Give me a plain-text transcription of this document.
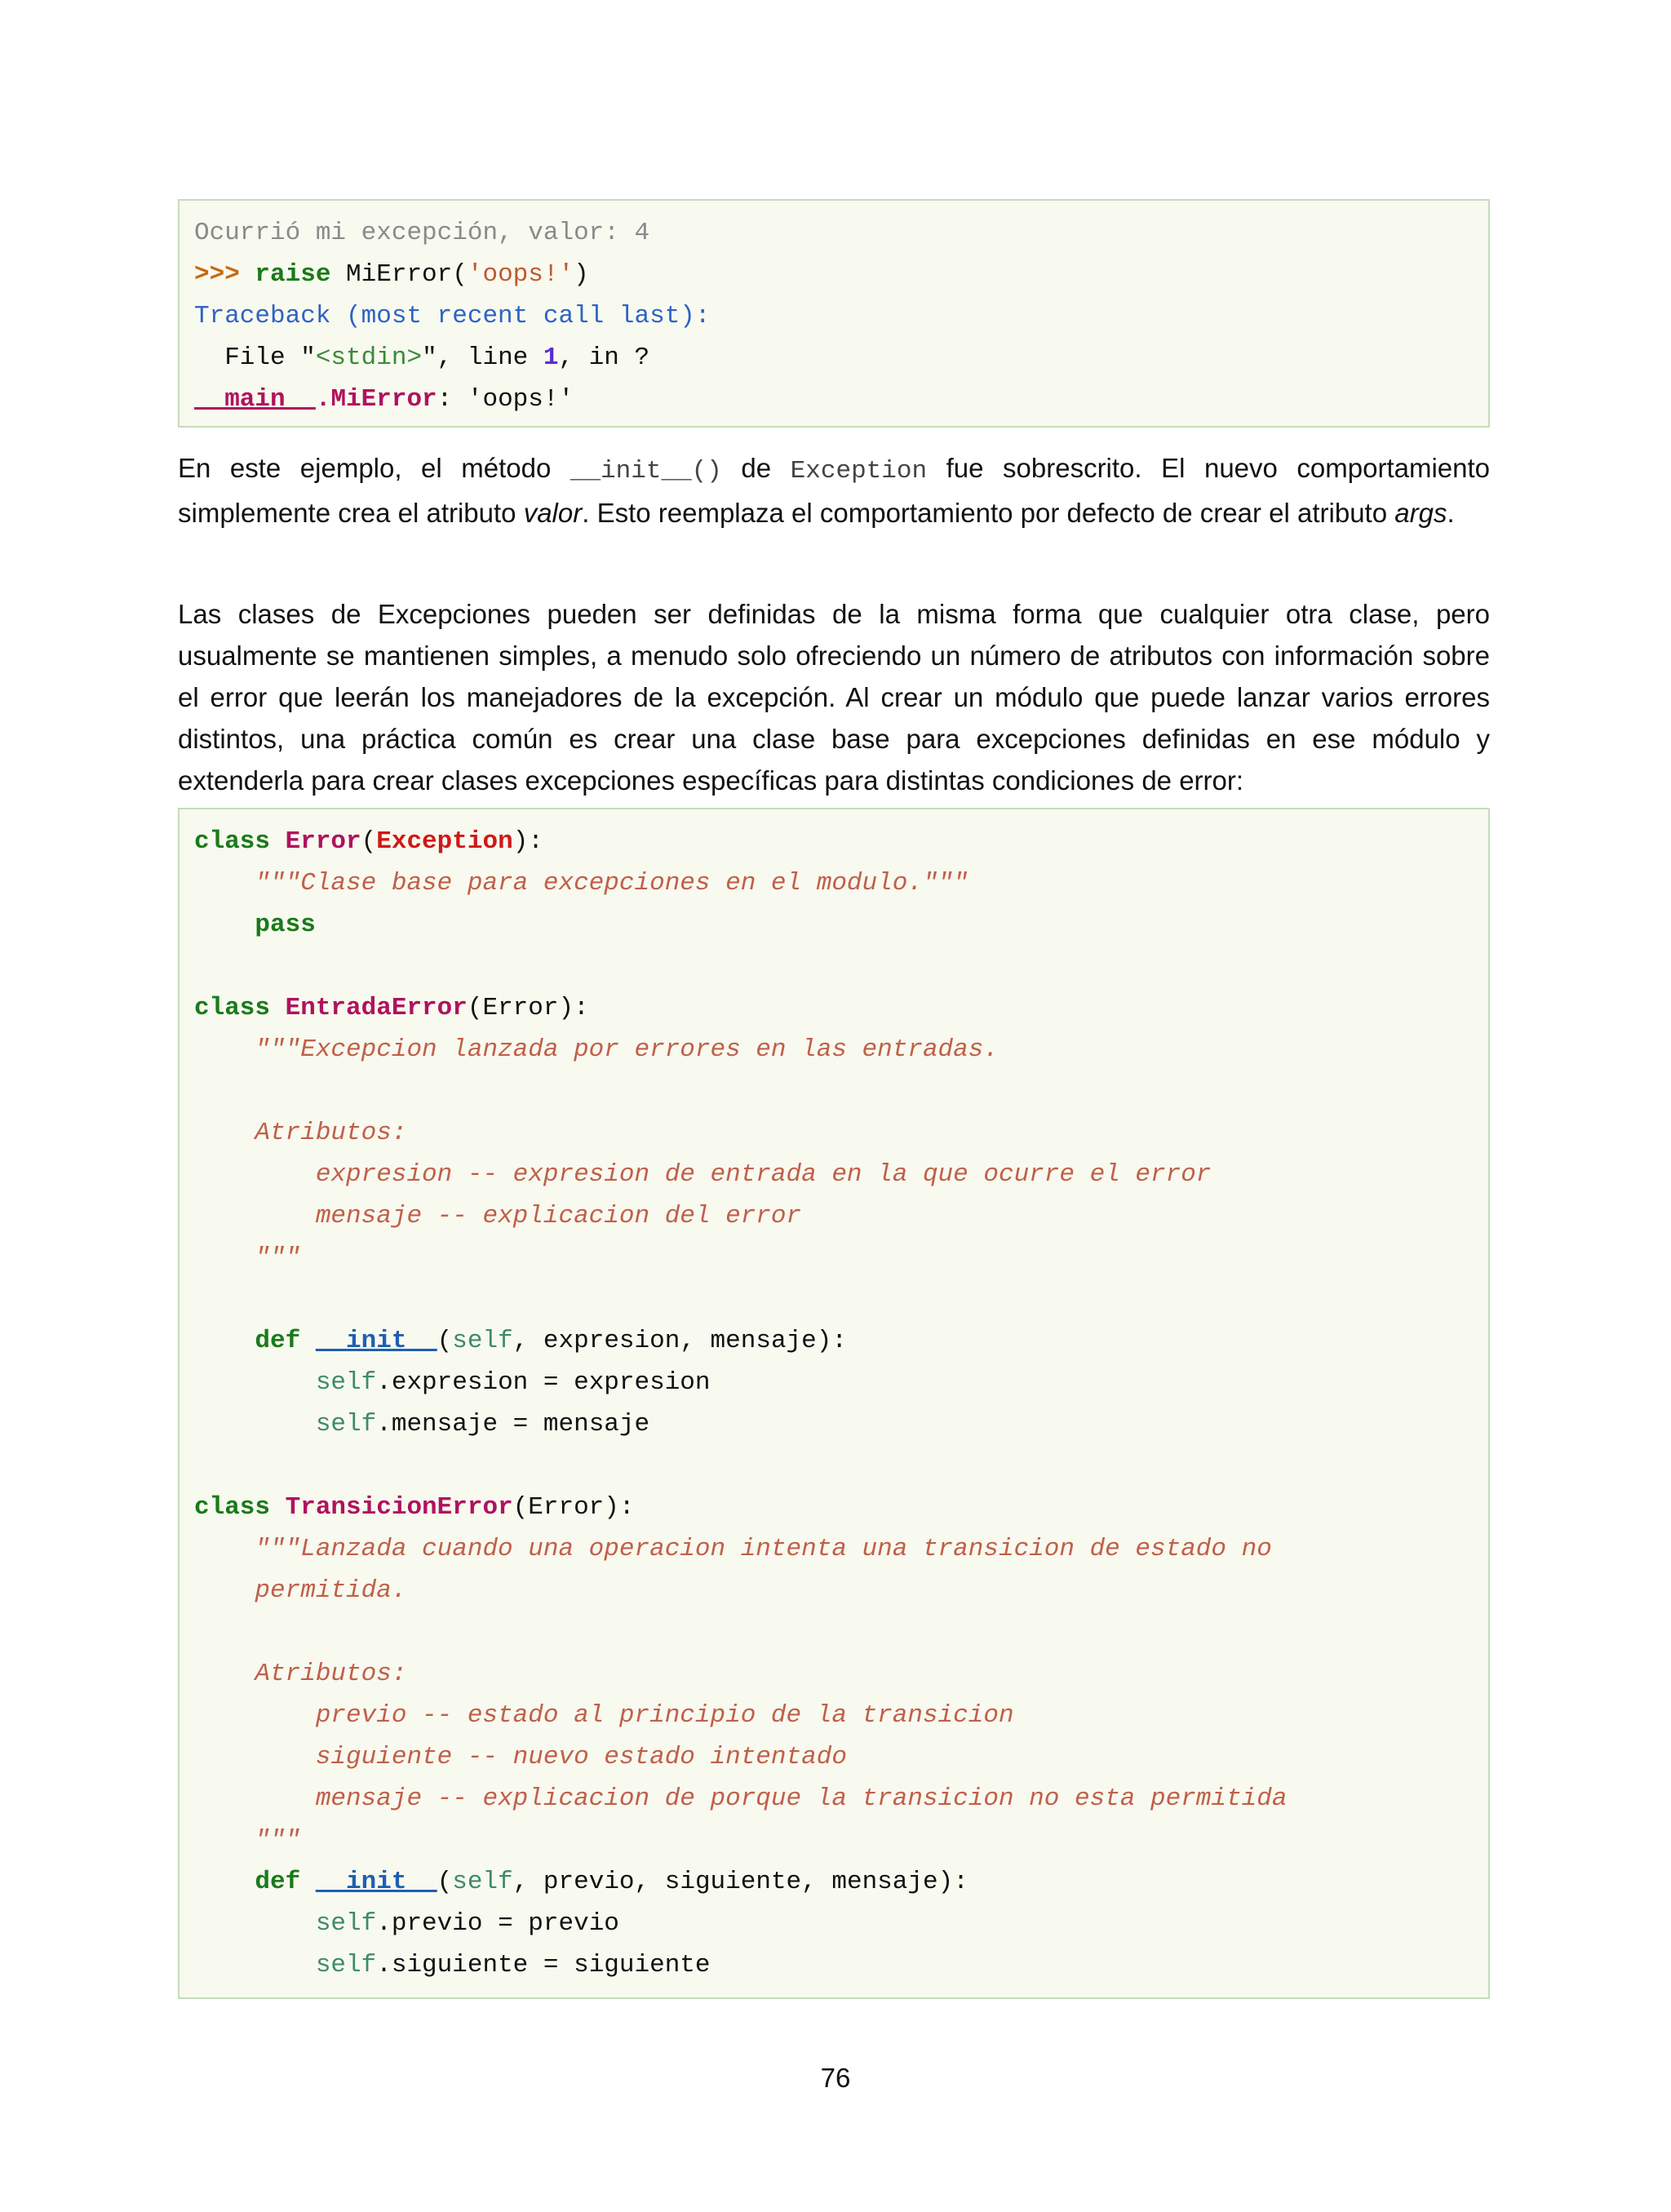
Ocurrió mi excepción, valor: 4
>>> raise MiError('oops!')
Traceback (most recent call last):
File "<stdin>", line 1, in ?
__main__.MiError: 'oops!'
En este ejemplo, el método __init__() de Exception fue sobrescrito. El nuevo comportamiento simplemente crea el atributo valor. Esto reemplaza el comportamiento por defecto de crear el atributo args.
Las clases de Excepciones pueden ser definidas de la misma forma que cualquier otra clase, pero usualmente se mantienen simples, a menudo solo ofreciendo un número de atributos con información sobre el error que leerán los manejadores de la excepción. Al crear un módulo que puede lanzar varios errores distintos, una práctica común es crear una clase base para excepciones definidas en ese módulo y extenderla para crear clases excepciones específicas para distintas condiciones de error:
class Error(Exception):
"""Clase base para excepciones en el modulo."""
pass
class EntradaError(Error):
"""Excepcion lanzada por errores en las entradas.
Atributos:
expresion -- expresion de entrada en la que ocurre el error
mensaje -- explicacion del error
"""
def __init__(self, expresion, mensaje):
self.expresion = expresion
self.mensaje = mensaje
class TransicionError(Error):
"""Lanzada cuando una operacion intenta una transicion de estado no
permitida.
Atributos:
previo -- estado al principio de la transicion
siguiente -- nuevo estado intentado
mensaje -- explicacion de porque la transicion no esta permitida
"""
def __init__(self, previo, siguiente, mensaje):
self.previo = previo
self.siguiente = siguiente
76
